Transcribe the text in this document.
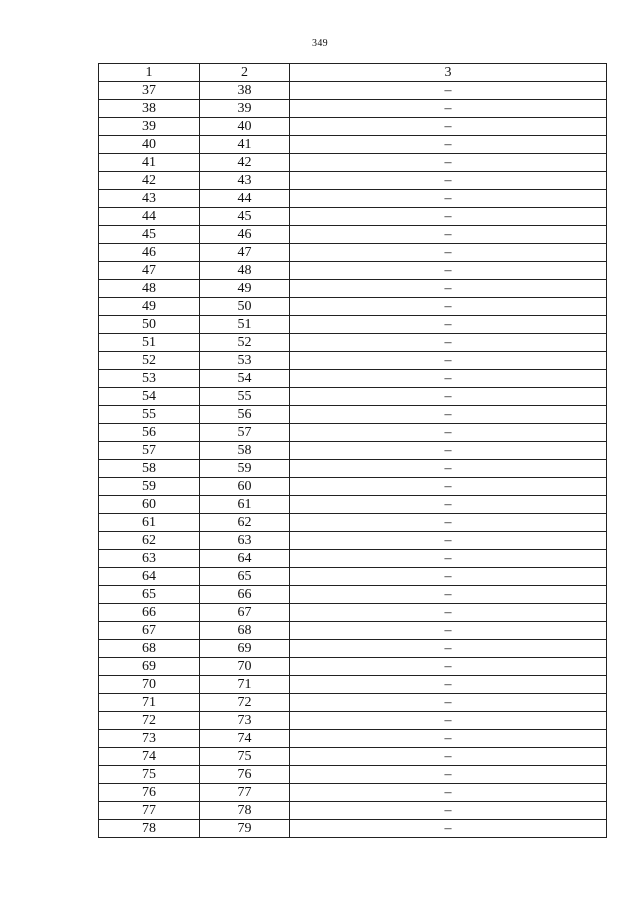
349
1	2	3
37	38	–
38	39	–
39	40	–
40	41	–
41	42	–
42	43	–
43	44	–
44	45	–
45	46	–
46	47	–
47	48	–
48	49	–
49	50	–
50	51	–
51	52	–
52	53	–
53	54	–
54	55	–
55	56	–
56	57	–
57	58	–
58	59	–
59	60	–
60	61	–
61	62	–
62	63	–
63	64	–
64	65	–
65	66	–
66	67	–
67	68	–
68	69	–
69	70	–
70	71	–
71	72	–
72	73	–
73	74	–
74	75	–
75	76	–
76	77	–
77	78	–
78	79	–
